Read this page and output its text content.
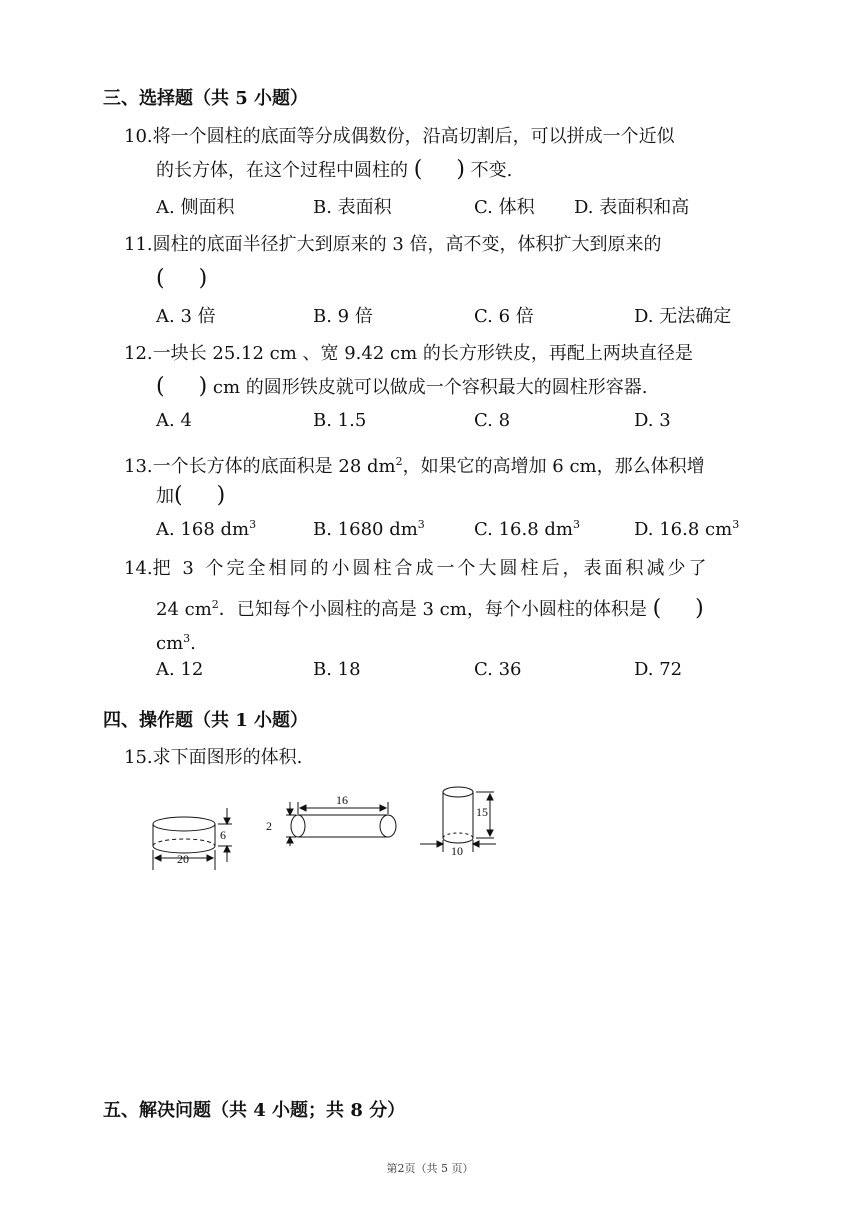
三、选择题（共 5 小题）
10.将一个圆柱的底面等分成偶数份，沿高切割后，可以拼成一个近似
的长方体，在这个过程中圆柱的 ( ) 不变.
A. 侧面积	B. 表面积	C. 体积 D. 表面积和高
11.圆柱的底面半径扩大到原来的 3 倍，高不变，体积扩大到原来的
( )
A. 3 倍	B. 9 倍	C. 6 倍	D. 无法确定
12.一块长 25.12 cm 、宽 9.42 cm 的长方形铁皮，再配上两块直径是
( ) cm 的圆形铁皮就可以做成一个容积最大的圆柱形容器.
A. 4	B. 1.5	C. 8	D. 3
13.一个长方体的底面积是 28 $dm^2$，如果它的高增加 6 cm，那么体积增
加( )
A. 168 $dm^3$	B. 1680 $dm^3$	C. 16.8 $dm^3$	D. 16.8 $cm^3$
14.把 3 个完全相同的小圆柱合成一个大圆柱后，表面积减少了
24 $cm^2$．已知每个小圆柱的高是 3 cm，每个小圆柱的体积是 ( )
$cm^3$.
A. 12	B. 18	C. 36	D. 72
四、操作题（共 1 小题）
15.求下面图形的体积.
20
6
16
2
15
10
五、解决问题（共 4 小题；共 8 分）
第2页（共 5 页）
